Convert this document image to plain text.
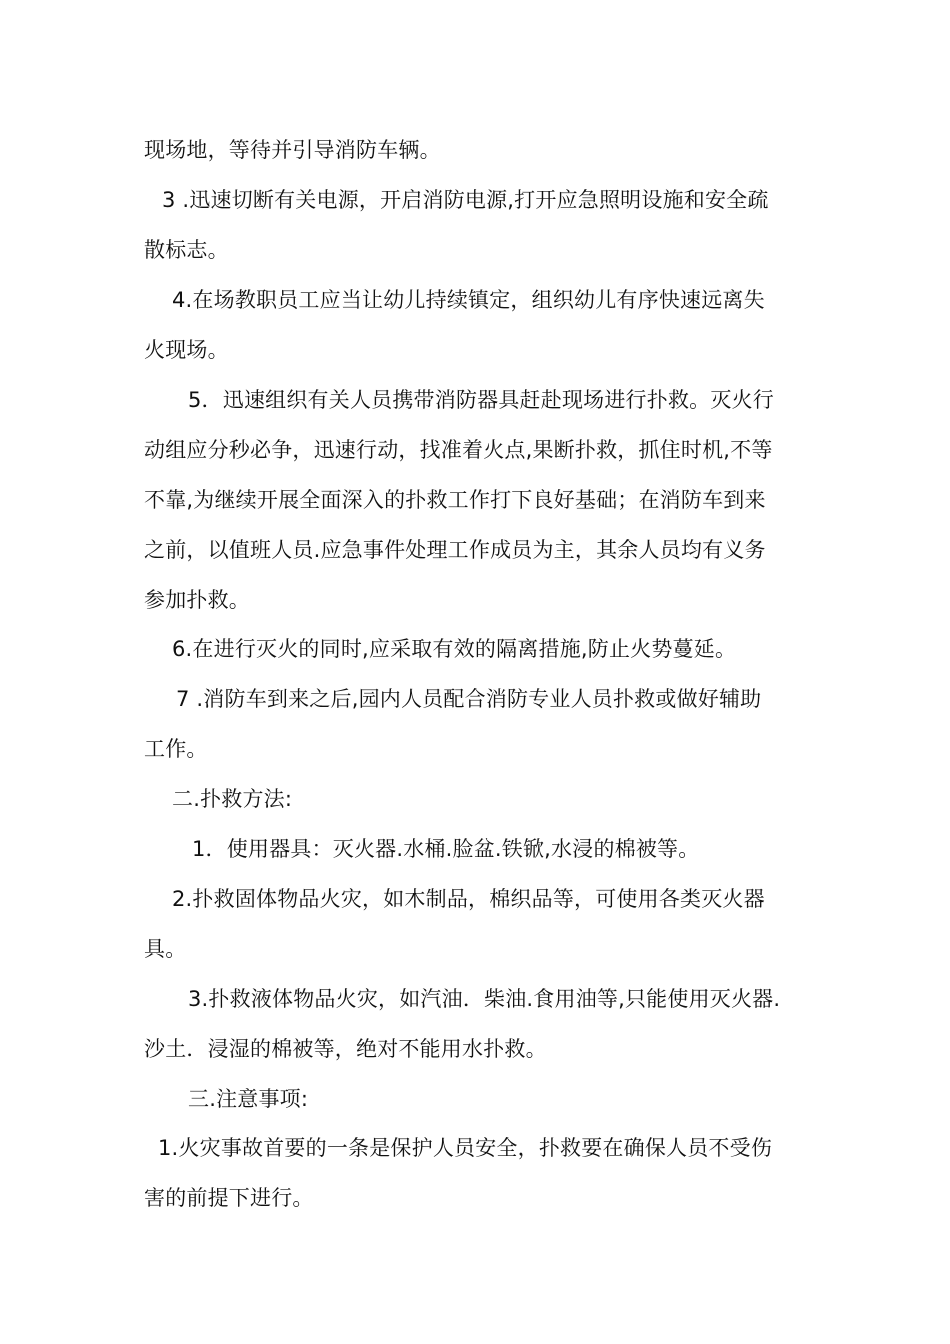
现场地，等待并引导消防车辆。
3 .迅速切断有关电源，开启消防电源,打开应急照明设施和安全疏
散标志。
4.在场教职员工应当让幼儿持续镇定，组织幼儿有序快速远离失
火现场。
5．迅速组织有关人员携带消防器具赶赴现场进行扑救。灭火行
动组应分秒必争，迅速行动，找准着火点,果断扑救，抓住时机,不等
不靠,为继续开展全面深入的扑救工作打下良好基础；在消防车到来
之前，以值班人员.应急事件处理工作成员为主，其余人员均有义务
参加扑救。
6.在进行灭火的同时,应采取有效的隔离措施,防止火势蔓延。
7 .消防车到来之后,园内人员配合消防专业人员扑救或做好辅助
工作。
二.扑救方法:
1．使用器具：灭火器.水桶.脸盆.铁锨,水浸的棉被等。
2.扑救固体物品火灾，如木制品，棉织品等，可使用各类灭火器
具。
3.扑救液体物品火灾，如汽油．柴油.食用油等,只能使用灭火器.
沙土．浸湿的棉被等，绝对不能用水扑救。
三.注意事项:
1.火灾事故首要的一条是保护人员安全，扑救要在确保人员不受伤
害的前提下进行。
